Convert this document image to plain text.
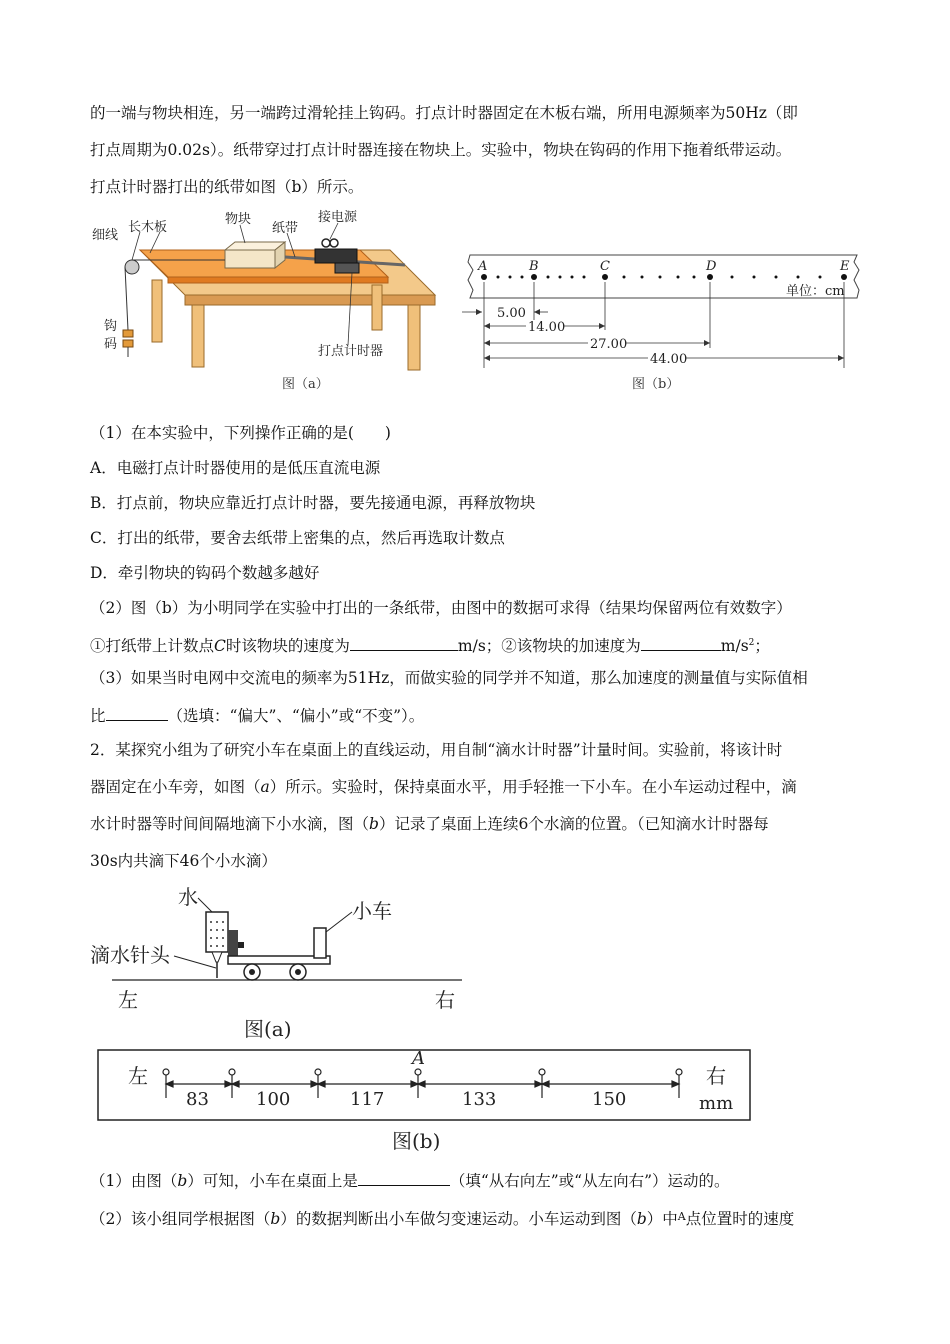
的一端与物块相连，另一端跨过滑轮挂上钩码。打点计时器固定在木板右端，所用电源频率为50Hz（即
打点周期为0.02s）。纸带穿过打点计时器连接在物块上。实验中，物块在钩码的作用下拖着纸带运动。
打点计时器打出的纸带如图（b）所示。
细线
长木板
物块
纸带
接电源
钩
码	打点计时器
图（a）
A	B	C	D	E
单位：cm
5.00
14.00
27.00
44.00
图（b）
（1）在本实验中，下列操作正确的是(　　)
A．电磁打点计时器使用的是低压直流电源
B．打点前，物块应靠近打点计时器，要先接通电源，再释放物块
C．打出的纸带，要舍去纸带上密集的点，然后再选取计数点
D．牵引物块的钩码个数越多越好
（2）图（b）为小明同学在实验中打出的一条纸带，由图中的数据可求得（结果均保留两位有效数字）
①打纸带上计数点C时该物块的速度为	m/s；②该物块的加速度为	$m/s^2$；
（3）如果当时电网中交流电的频率为51Hz，而做实验的同学并不知道，那么加速度的测量值与实际值相
比	（选填：“偏大”、“偏小”或“不变”）。
2．某探究小组为了研究小车在桌面上的直线运动，用自制“滴水计时器”计量时间。实验前，将该计时
器固定在小车旁，如图（a）所示。实验时，保持桌面水平，用手轻推一下小车。在小车运动过程中，滴
水计时器等时间间隔地滴下小水滴，图（b）记录了桌面上连续6个水滴的位置。（已知滴水计时器每
30s内共滴下46个小水滴）
水
小车
滴水针头
左	右
图(a)
左	右
mm
A
83	100	117	133	150
图(b)
（1）由图（b）可知，小车在桌面上是	（填“从右向左”或“从左向右”）运动的。
（2）该小组同学根据图（b）的数据判断出小车做匀变速运动。小车运动到图（b）中$^A$点位置时的速度
